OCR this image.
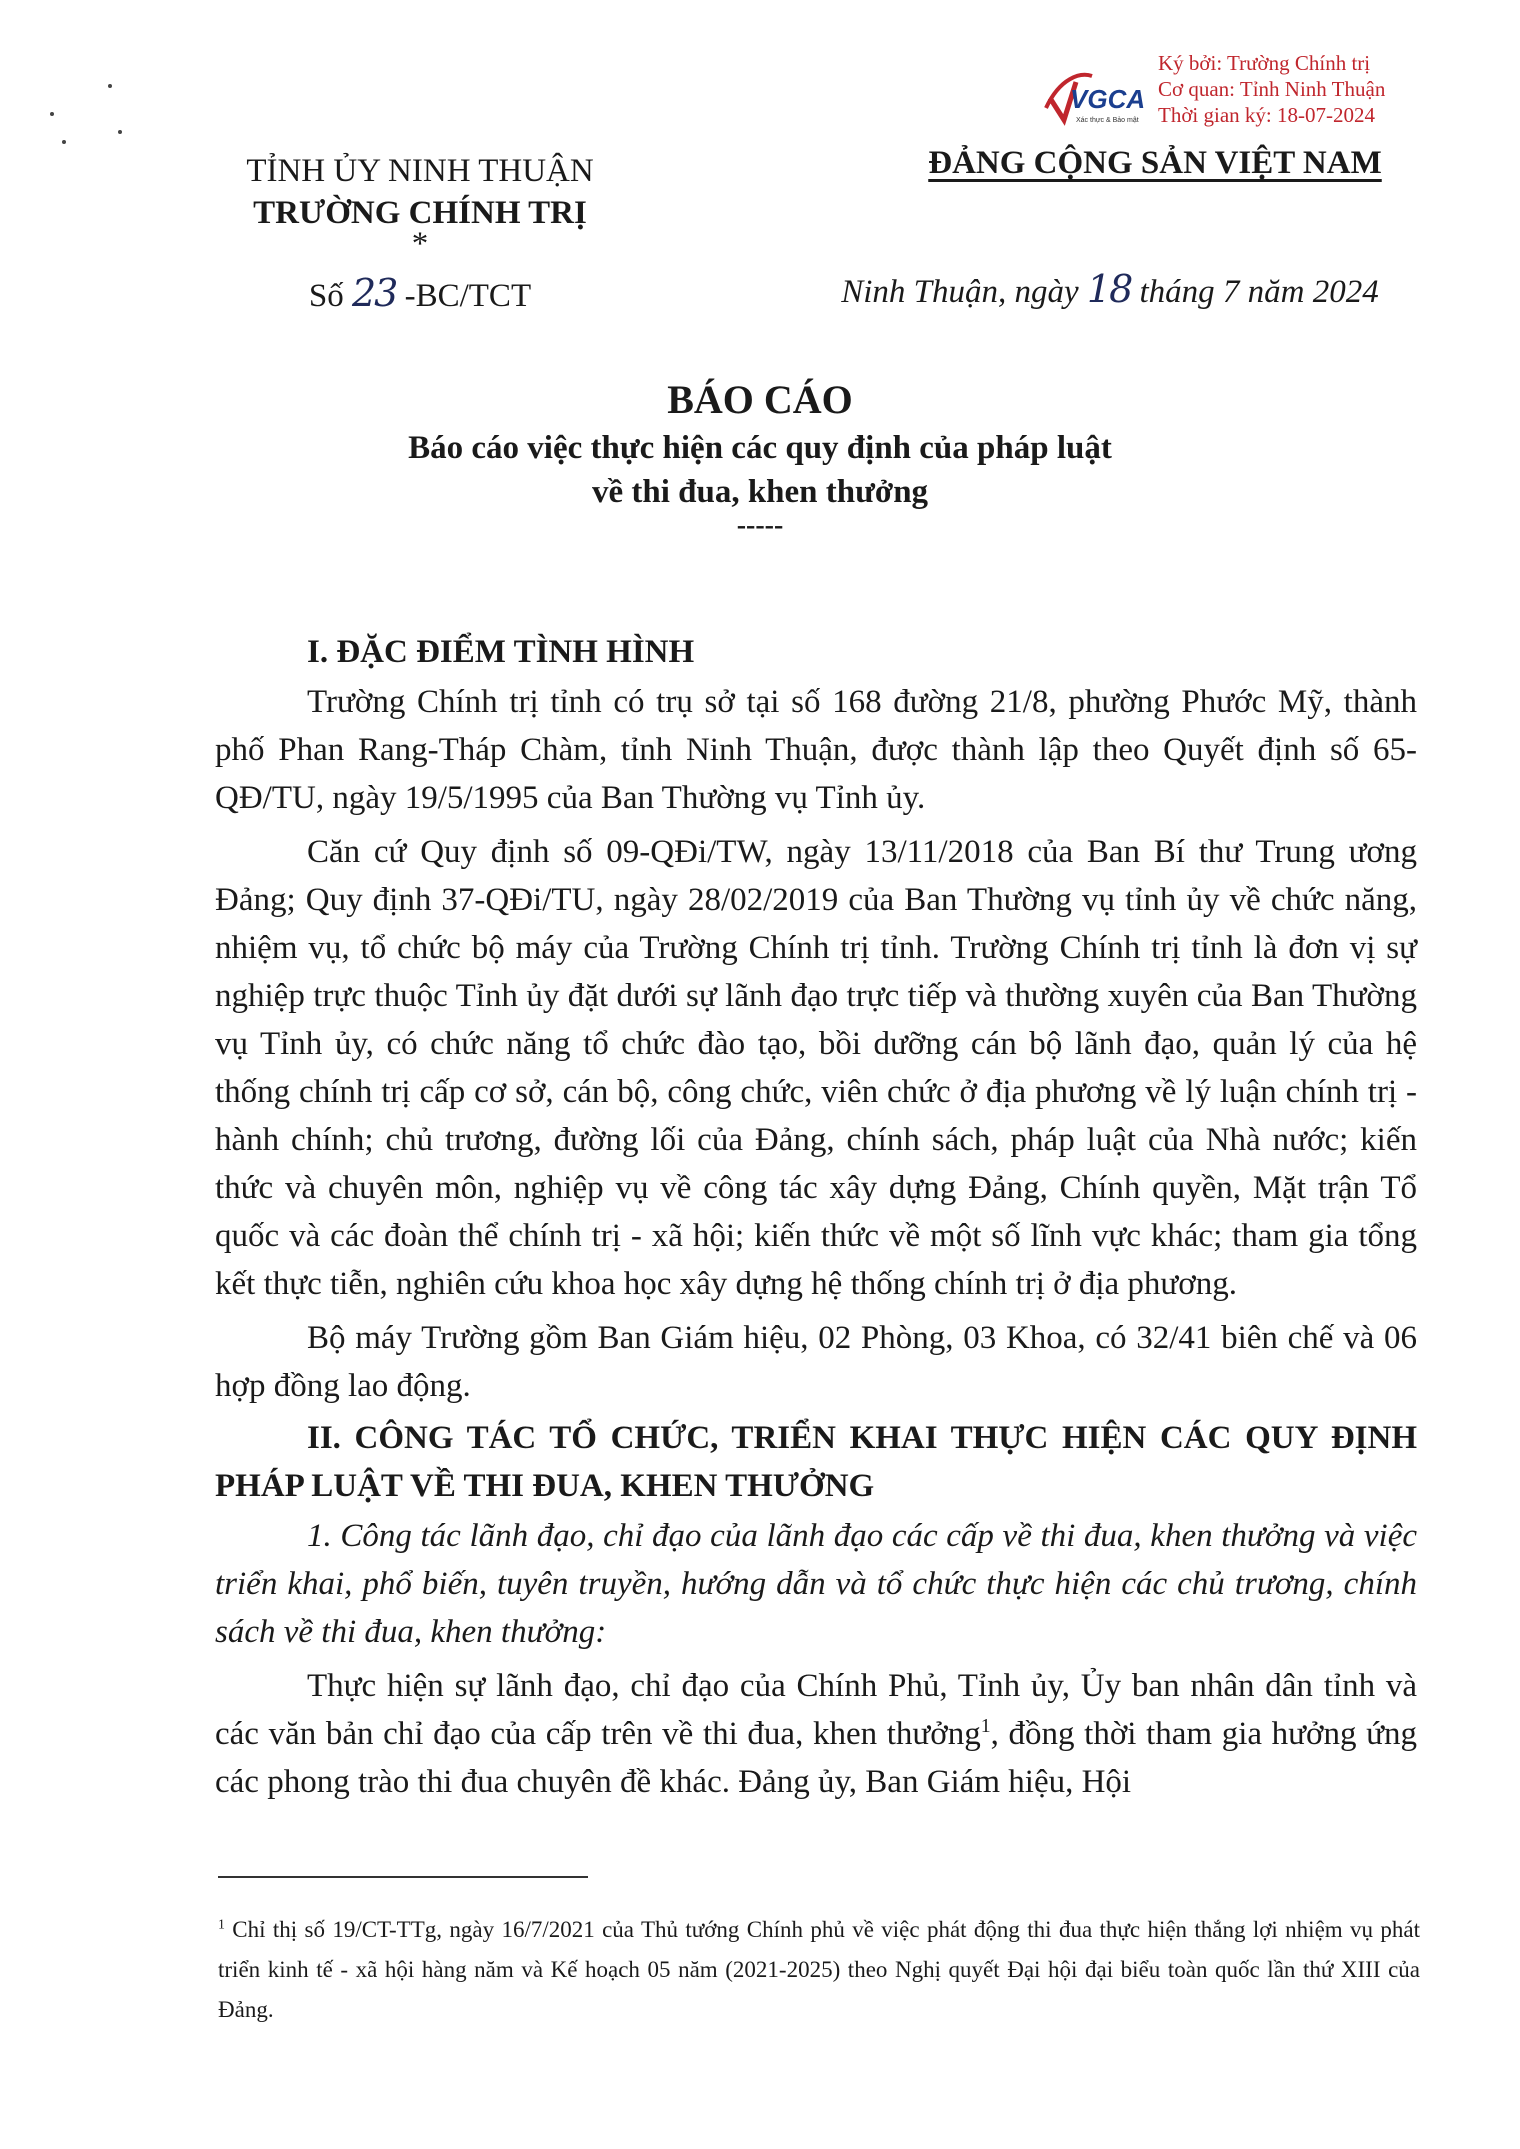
VGCA
Xác thực & Bảo mật
Ký bởi: Trường Chính trị
Cơ quan: Tỉnh Ninh Thuận
Thời gian ký: 18-07-2024
TỈNH ỦY NINH THUẬN
TRƯỜNG CHÍNH TRỊ
*
Số 23 -BC/TCT
ĐẢNG CỘNG SẢN VIỆT NAM
Ninh Thuận, ngày 18 tháng 7 năm 2024
BÁO CÁO
Báo cáo việc thực hiện các quy định của pháp luật
về thi đua, khen thưởng
-----

I. ĐẶC ĐIỂM TÌNH HÌNH

Trường Chính trị tỉnh có trụ sở tại số 168 đường 21/8, phường Phước Mỹ, thành phố Phan Rang-Tháp Chàm, tỉnh Ninh Thuận, được thành lập theo Quyết định số 65-QĐ/TU, ngày 19/5/1995 của Ban Thường vụ Tỉnh ủy.

Căn cứ Quy định số 09-QĐi/TW, ngày 13/11/2018 của Ban Bí thư Trung ương Đảng; Quy định 37-QĐi/TU, ngày 28/02/2019 của Ban Thường vụ tỉnh ủy về chức năng, nhiệm vụ, tổ chức bộ máy của Trường Chính trị tỉnh. Trường Chính trị tỉnh là đơn vị sự nghiệp trực thuộc Tỉnh ủy đặt dưới sự lãnh đạo trực tiếp và thường xuyên của Ban Thường vụ Tỉnh ủy, có chức năng tổ chức đào tạo, bồi dưỡng cán bộ lãnh đạo, quản lý của hệ thống chính trị cấp cơ sở, cán bộ, công chức, viên chức ở địa phương về lý luận chính trị - hành chính; chủ trương, đường lối của Đảng, chính sách, pháp luật của Nhà nước; kiến thức và chuyên môn, nghiệp vụ về công tác xây dựng Đảng, Chính quyền, Mặt trận Tổ quốc và các đoàn thể chính trị - xã hội; kiến thức về một số lĩnh vực khác; tham gia tổng kết thực tiễn, nghiên cứu khoa học xây dựng hệ thống chính trị ở địa phương.

Bộ máy Trường gồm Ban Giám hiệu, 02 Phòng, 03 Khoa, có 32/41 biên chế và 06 hợp đồng lao động.

II. CÔNG TÁC TỔ CHỨC, TRIỂN KHAI THỰC HIỆN CÁC QUY ĐỊNH PHÁP LUẬT VỀ THI ĐUA, KHEN THƯỞNG

1. Công tác lãnh đạo, chỉ đạo của lãnh đạo các cấp về thi đua, khen thưởng và việc triển khai, phổ biến, tuyên truyền, hướng dẫn và tổ chức thực hiện các chủ trương, chính sách về thi đua, khen thưởng:

Thực hiện sự lãnh đạo, chỉ đạo của Chính Phủ, Tỉnh ủy, Ủy ban nhân dân tỉnh và các văn bản chỉ đạo của cấp trên về thi đua, khen thưởng$^1$, đồng thời tham gia hưởng ứng các phong trào thi đua chuyên đề khác. Đảng ủy, Ban Giám hiệu, Hội

$^1$ Chỉ thị số 19/CT-TTg, ngày 16/7/2021 của Thủ tướng Chính phủ về việc phát động thi đua thực hiện thắng lợi nhiệm vụ phát triển kinh tế - xã hội hàng năm và Kế hoạch 05 năm (2021-2025) theo Nghị quyết Đại hội đại biểu toàn quốc lần thứ XIII của Đảng.
